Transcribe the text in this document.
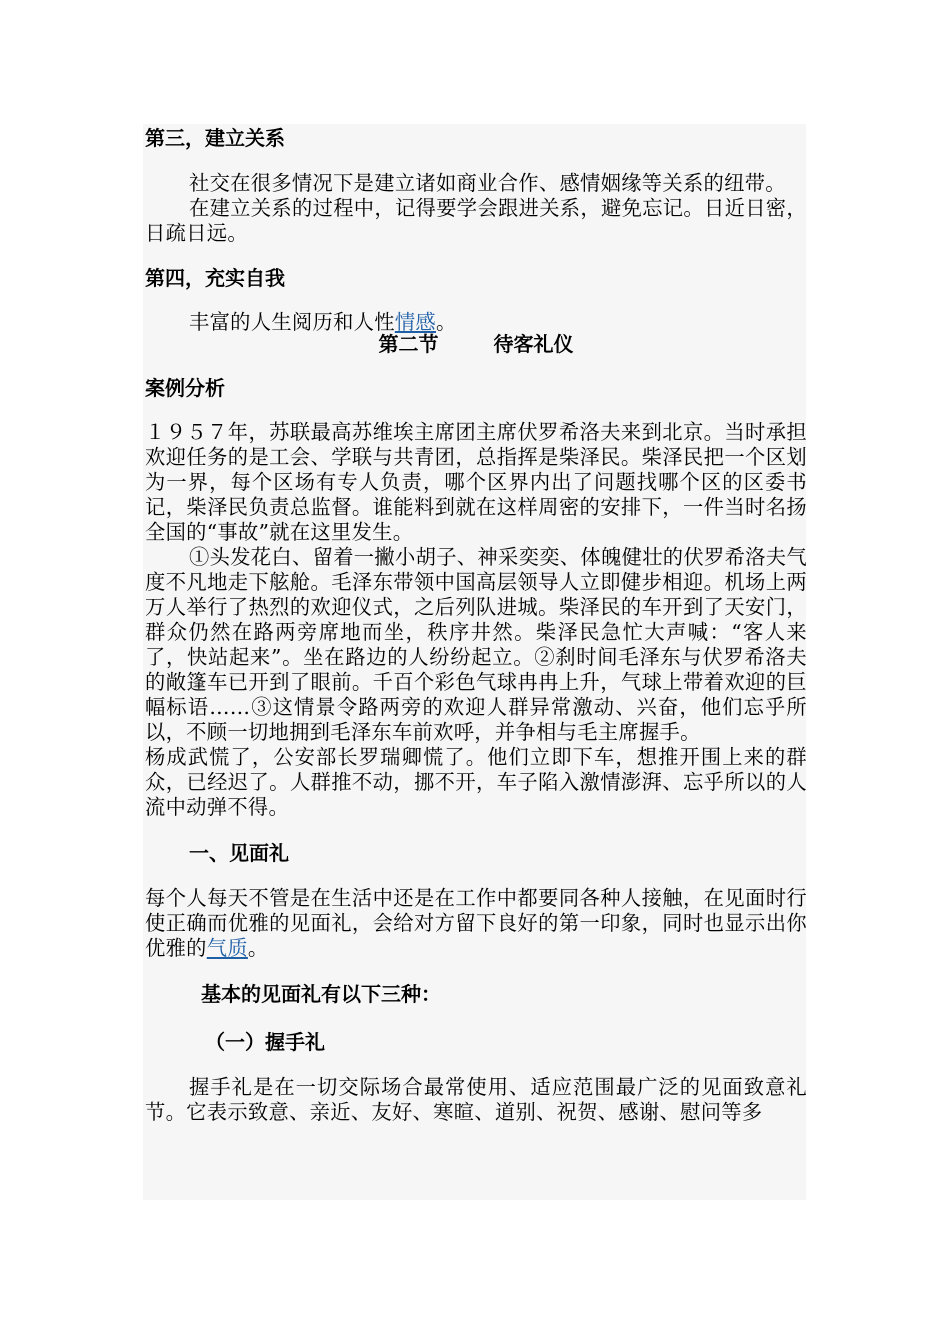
第三，建立关系

社交在很多情况下是建立诸如商业合作、感情姻缘等关系的纽带。

在建立关系的过程中，记得要学会跟进关系，避免忘记。日近日密，日疏日远。

第四，充实自我

丰富的人生阅历和人性情感。

第二节	待客礼仪
案例分析

１９５７年，苏联最高苏维埃主席团主席伏罗希洛夫来到北京。当时承担欢迎任务的是工会、学联与共青团，总指挥是柴泽民。柴泽民把一个区划为一界，每个区场有专人负责，哪个区界内出了问题找哪个区的区委书记，柴泽民负责总监督。谁能料到就在这样周密的安排下，一件当时名扬全国的“事故”就在这里发生。

①头发花白、留着一撇小胡子、神采奕奕、体魄健壮的伏罗希洛夫气度不凡地走下舷舱。毛泽东带领中国高层领导人立即健步相迎。机场上两万人举行了热烈的欢迎仪式，之后列队进城。柴泽民的车开到了天安门，群众仍然在路两旁席地而坐，秩序井然。柴泽民急忙大声喊：“客人来了，快站起来”。坐在路边的人纷纷起立。②刹时间毛泽东与伏罗希洛夫的敞篷车已开到了眼前。千百个彩色气球冉冉上升，气球上带着欢迎的巨幅标语……③这情景令路两旁的欢迎人群异常激动、兴奋，他们忘乎所以，不顾一切地拥到毛泽东车前欢呼，并争相与毛主席握手。

杨成武慌了，公安部长罗瑞卿慌了。他们立即下车，想推开围上来的群众，已经迟了。人群推不动，挪不开，车子陷入激情澎湃、忘乎所以的人流中动弹不得。

一、见面礼

每个人每天不管是在生活中还是在工作中都要同各种人接触，在见面时行使正确而优雅的见面礼，会给对方留下良好的第一印象，同时也显示出你优雅的气质。

基本的见面礼有以下三种：
（一）握手礼

握手礼是在一切交际场合最常使用、适应范围最广泛的见面致意礼节。它表示致意、亲近、友好、寒暄、道别、祝贺、感谢、慰问等多
